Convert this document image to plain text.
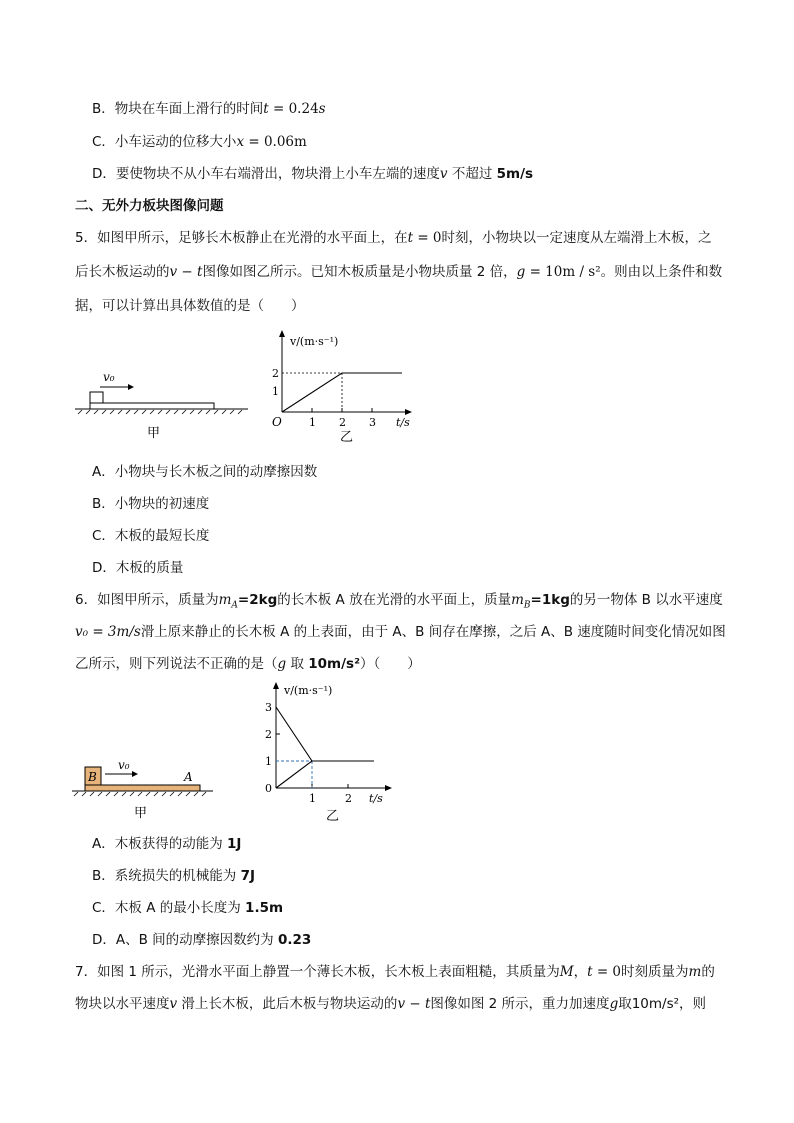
B．物块在车面上滑行的时间t = 0.24s
C．小车运动的位移大小x = 0.06m
D．要使物块不从小车右端滑出，物块滑上小车左端的速度v 不超过 5m/s
二、无外力板块图像问题
5．如图甲所示，足够长木板静止在光滑的水平面上，在t = 0时刻，小物块以一定速度从左端滑上木板，之
后长木板运动的v − t图像如图乙所示。已知木板质量是小物块质量 2 倍，g = 10m / s²。则由以上条件和数
据，可以计算出具体数值的是（　　）
v₀
甲
v/(m·s⁻¹)
2
1
O 1 2 3 t/s
乙
A．小物块与长木板之间的动摩擦因数
B．小物块的初速度
C．木板的最短长度
D．木板的质量
6．如图甲所示，质量为$m_A=2kg$的长木板 A 放在光滑的水平面上，质量$m_B=1kg$的另一物体 B 以水平速度
v₀ = 3m/s滑上原来静止的长木板 A 的上表面，由于 A、B 间存在摩擦，之后 A、B 速度随时间变化情况如图
乙所示，则下列说法不正确的是（g 取 10m/s²）（　　）
B
v₀
A
甲
v/(m·s⁻¹)
3
2
1
0
1	2 t/s
乙
A．木板获得的动能为 1J
B．系统损失的机械能为 7J
C．木板 A 的最小长度为 1.5m
D．A、B 间的动摩擦因数约为 0.23
7．如图 1 所示，光滑水平面上静置一个薄长木板，长木板上表面粗糙，其质量为M，t = 0时刻质量为m的
物块以水平速度v 滑上长木板，此后木板与物块运动的v − t图像如图 2 所示，重力加速度g取10m/s²，则
